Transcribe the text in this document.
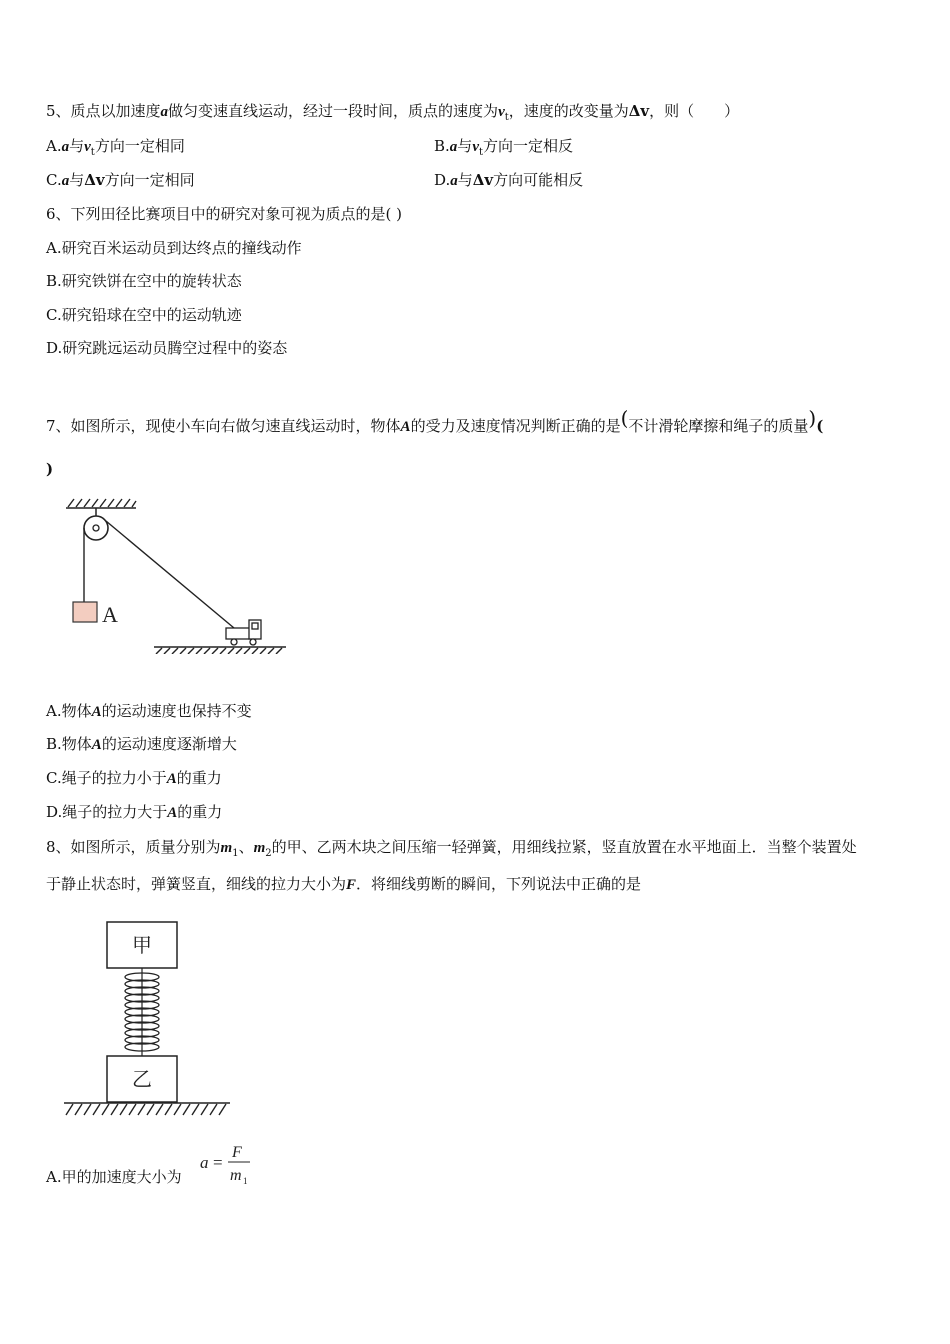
5、质点以加速度a做匀变速直线运动，经过一段时间，质点的速度为$v_t$，速度的改变量为Δv，则（　　）
A.a与$v_t$方向一定相同	B.a与$v_t$方向一定相反
C.a与Δv方向一定相同	D.a与Δv方向可能相反
6、下列田径比赛项目中的研究对象可视为质点的是( )
A.研究百米运动员到达终点的撞线动作
B.研究铁饼在空中的旋转状态
C.研究铅球在空中的运动轨迹
D.研究跳远运动员腾空过程中的姿态
7、如图所示，现使小车向右做匀速直线运动时，物体A的受力及速度情况判断正确的是(不计滑轮摩擦和绳子的质量)(
)
A
A.物体A的运动速度也保持不变
B.物体A的运动速度逐渐增大
C.绳子的拉力小于A的重力
D.绳子的拉力大于A的重力
8、如图所示，质量分别为$m_1$、$m_2$的甲、乙两木块之间压缩一轻弹簧，用细线拉紧，竖直放置在水平地面上．当整个装置处
于静止状态时，弹簧竖直，细线的拉力大小为F．将细线剪断的瞬间，下列说法中正确的是
甲
乙
A.甲的加速度大小为
a =
F
m 1
